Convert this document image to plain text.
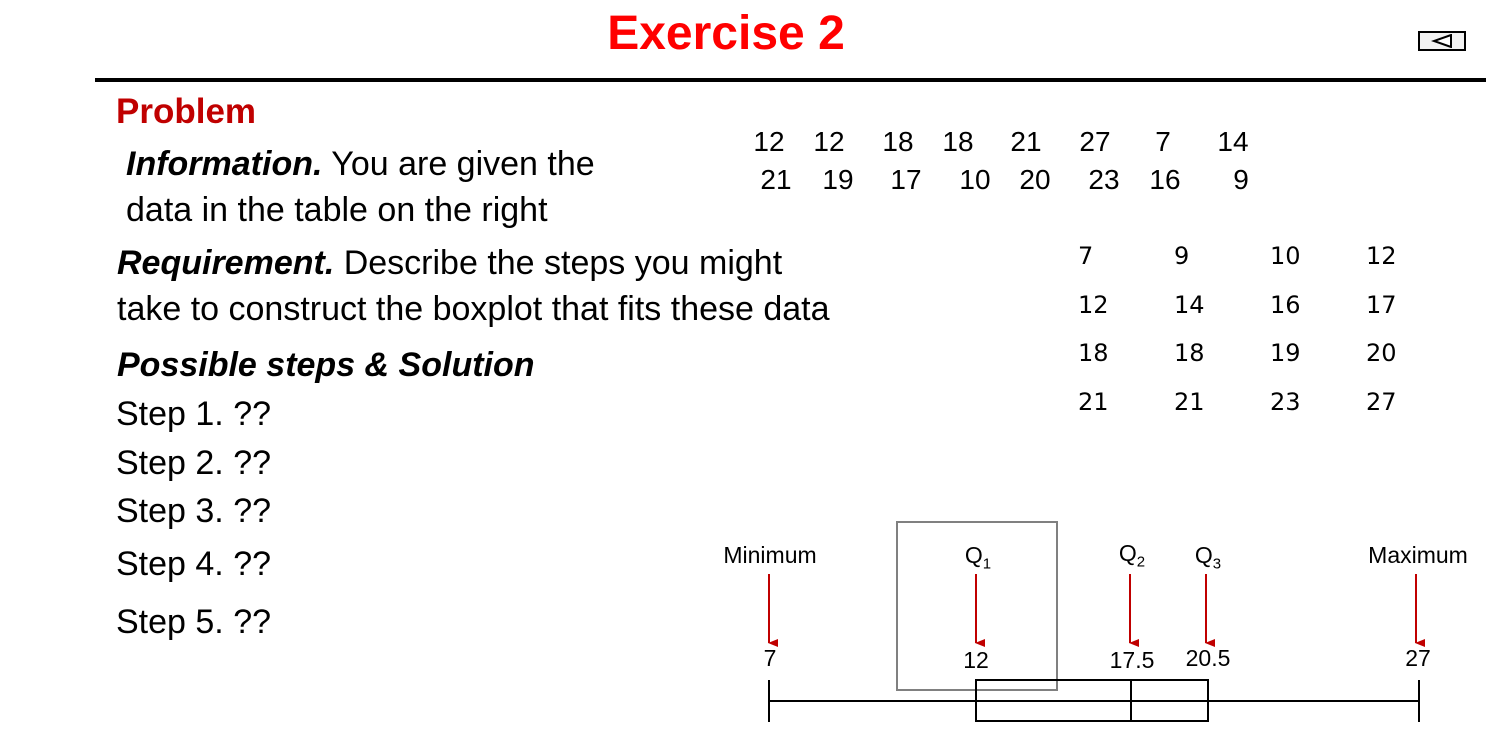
Exercise 2
Problem
Information. You are given the
data in the table on the right
Requirement. Describe the steps you might
take to construct the boxplot that fits these data
Possible steps & Solution
Step 1. ??
Step 2. ??
Step 3. ??
Step 4. ??
Step 5. ??
12	12	18	18	21	27	7	14
21	19	17	10	20	23	16	9
7	9	10	12
12	14	16	17
18	18	19	20
21	21	23	27
Minimum	$Q_1$	$Q_2$ $Q_3$	Maximum
7	12	17.5 20.5	27
